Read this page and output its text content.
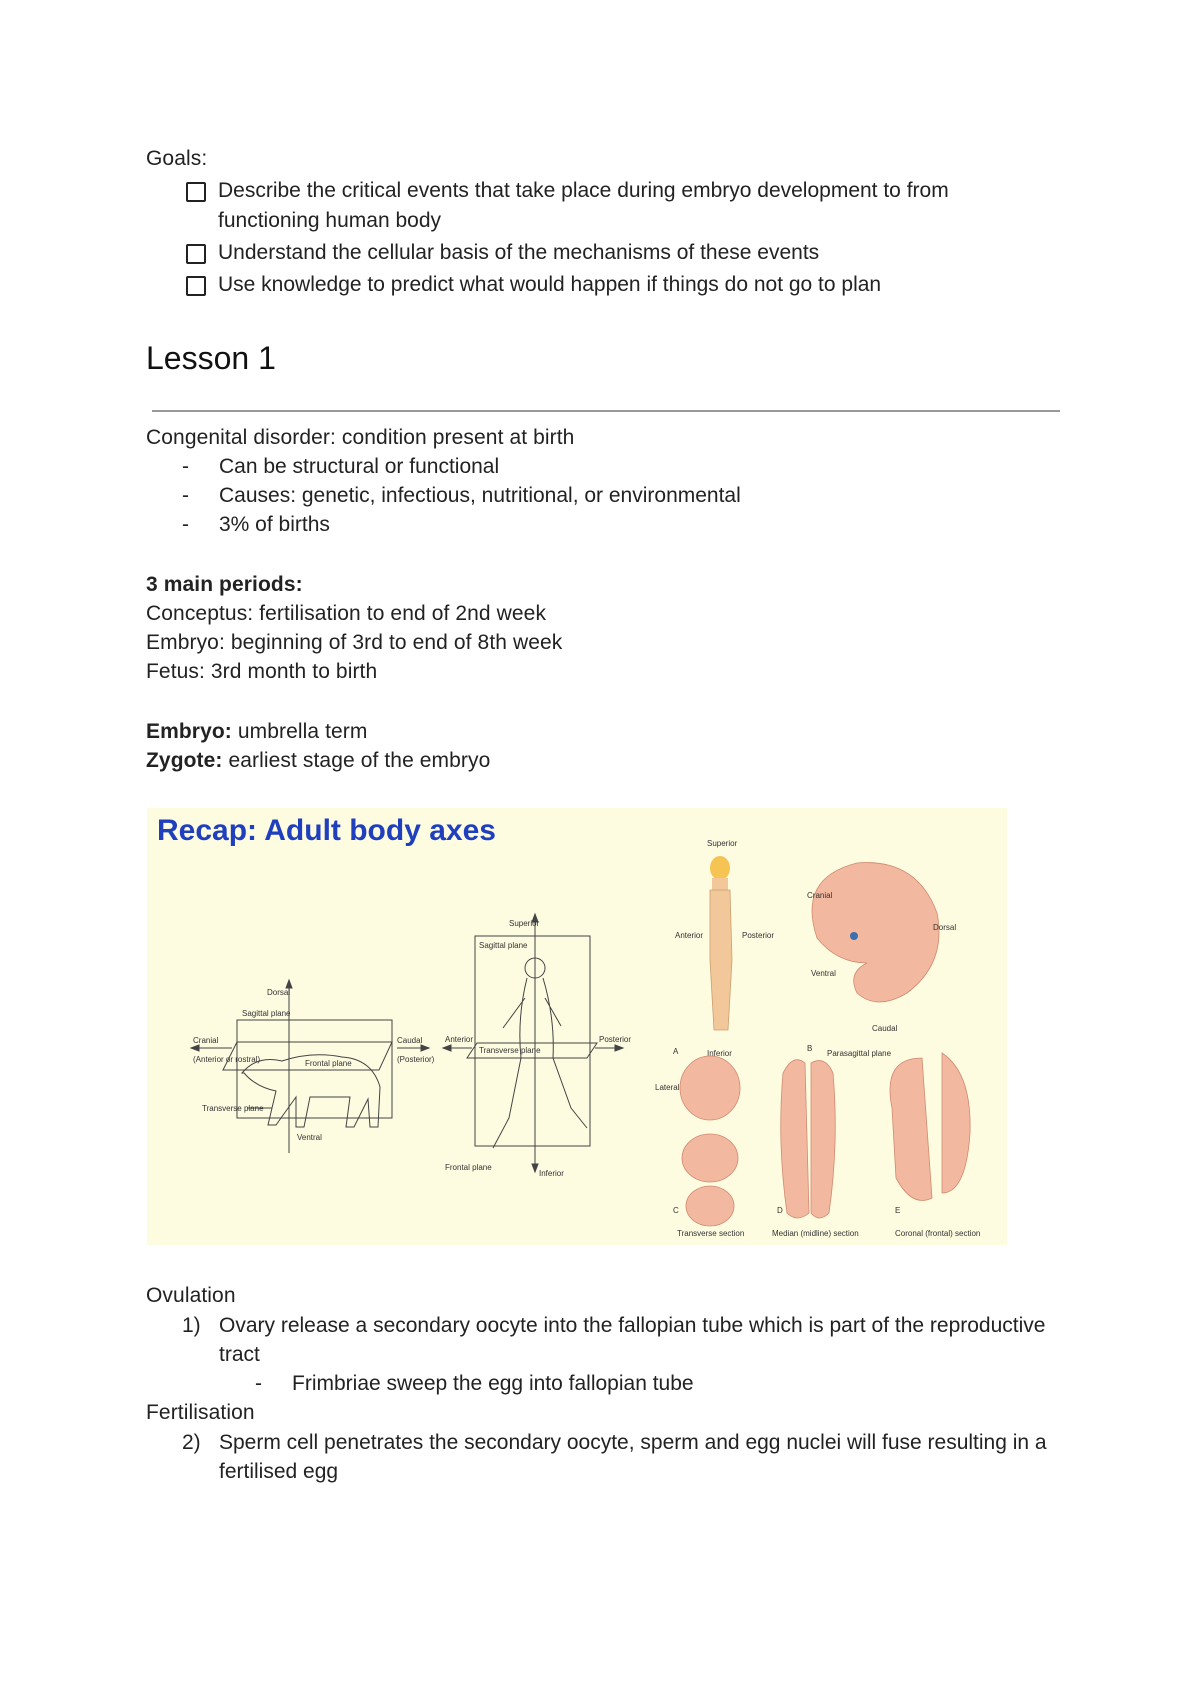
Goals:
Describe the critical events that take place during embryo development to from
functioning human body
Understand the cellular basis of the mechanisms of these events
Use knowledge to predict what would happen if things do not go to plan
Lesson 1
Congenital disorder: condition present at birth
- Can be structural or functional
- Causes: genetic, infectious, nutritional, or environmental
- 3% of births
3 main periods:
Conceptus: fertilisation to end of 2nd week
Embryo: beginning of 3rd to end of 8th week
Fetus: 3rd month to birth
Embryo: umbrella term
Zygote: earliest stage of the embryo
Recap: Adult body axes
Dorsal
Sagittal plane
Cranial
(Anterior or rostral)
Caudal
(Posterior)
Frontal plane
Transverse plane
Ventral
Superior
Sagittal plane
Anterior	Posterior
Transverse plane
Frontal plane
Inferior
Superior
Anterior	Posterior
Inferior
A
Cranial
Dorsal
Ventral
Caudal
B
Lateral
C
Transverse section
Parasagittal plane
D
Median (midline) section
E
Coronal (frontal) section
Ovulation
1) Ovary release a secondary oocyte into the fallopian tube which is part of the reproductive tract
- Frimbriae sweep the egg into fallopian tube
Fertilisation
2) Sperm cell penetrates the secondary oocyte, sperm and egg nuclei will fuse resulting in a fertilised egg
